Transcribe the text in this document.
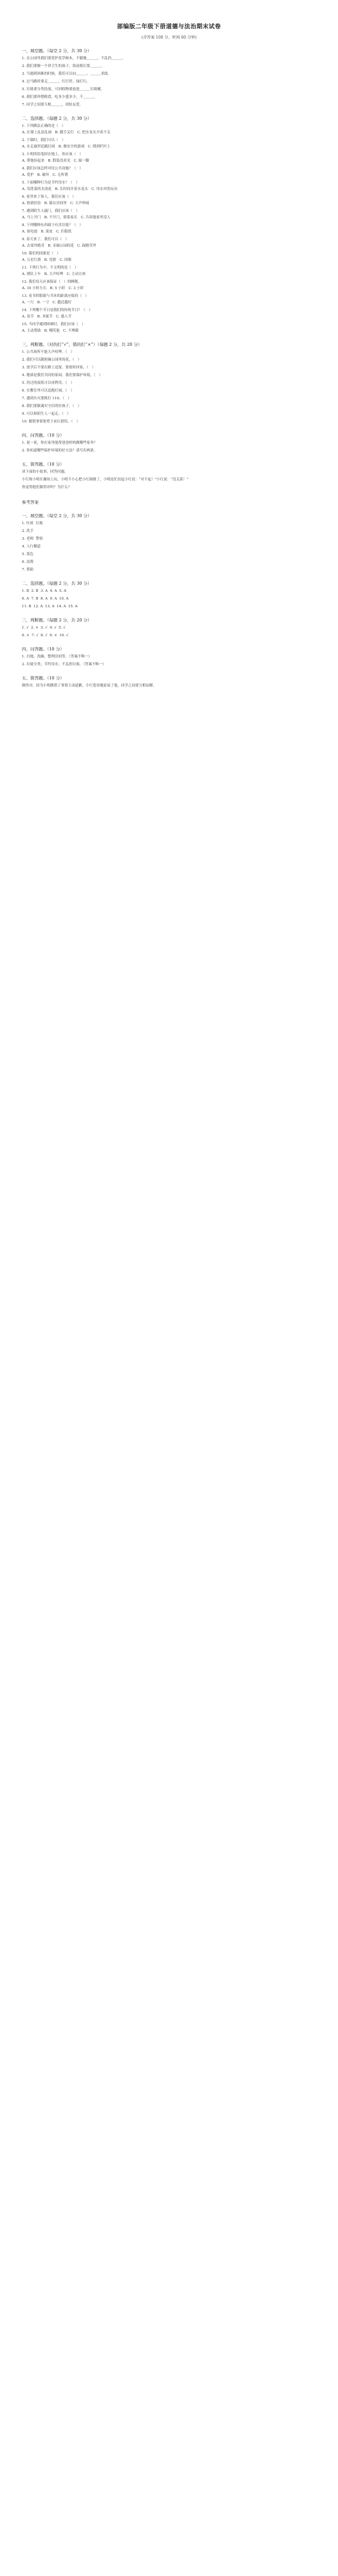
部编版二年级下册道德与法治期末试卷
(含答案 100 分，时间 60 分钟)
一、填空题。（每空 2 分，共 30 分）
1. 在公园里我们要爱护花草树木，不随地＿＿＿，不乱扔＿＿＿。
2. 我们要做一个讲卫生的孩子，饭前便后要＿＿＿。
3. 当遇到困难的时候，我们可以向＿＿＿、＿＿＿求助。
4. 过马路时要走＿＿＿，红灯停，绿灯行。
5. 垃圾要分类投放，可回收物要放进＿＿＿垃圾桶。
6. 我们要珍惜粮食，吃多少盛多少，不＿＿＿。
7. 同学之间要互相＿＿＿，团结友爱。
二、选择题。（每题 2 分，共 30 分）
1. 下列做法正确的是（   ）
A. 在墙上乱涂乱画   B. 随手关灯   C. 把水龙头开着不关
2. 下课时，我们可以（   ）
A. 在走廊里追跑打闹   B. 做安全的游戏   C. 爬到栏杆上
3. 小明的铅笔掉在地上，你应该（   ）
A. 帮他捡起来   B. 假装没看见   C. 踩一脚
4. 我们应该怎样对待公共设施？（   ）
A. 爱护   B. 破坏   C. 无所谓
5. 下面哪种行为是节约用水？（   ）
A. 用洗菜的水浇花   B. 长时间开着水龙头   C. 用水冲洗玩具
6. 家里来了客人，我们应该（   ）
A. 热情招待   B. 躲在房间里   C. 大声吵闹
7. 遇到陌生人敲门，我们应该（   ）
A. 马上开门   B. 不开门，联系家长   C. 告诉他家里没人
8. 下列哪种东西属于有害垃圾？（   ）
A. 废电池   B. 果皮   C. 旧报纸
9. 春天来了，我们可以（   ）
A. 去郊外踏青   B. 采摘公园的花   C. 踩踏草坪
10. 我们的国旗是（   ）
A. 五星红旗   B. 党旗   C. 团旗
11. 下列行为中，不文明的是（   ）
A. 排队上车   B. 大声喧哗   C. 主动让座
12. 我们每天应该保证（   ）的睡眠。
A. 10 小时左右   B. 5 小时   C. 3 小时
13. 看书时眼睛与书本的距离应保持（   ）
A. 一尺   B. 一寸   C. 越近越好
14. 下列哪个节日是我们的传统节日？（   ）
A. 春节   B. 圣诞节   C. 愚人节
15. 当同学遇到困难时，我们应该（   ）
A. 主动帮助   B. 嘲笑他   C. 不理睬
三、判断题。（对的打“√”，错的打“×”）（每题 2 分，共 20 分）
1. 公共场所不能大声喧哗。（   ）
2. 我们可以随便摘公园里的花。（   ）
3. 放学后不要在路上逗留，要按时回家。（   ）
4. 地球是我们共同的家园，我们要保护环境。（   ）
5. 用过的废纸可以再利用。（   ）
6. 在教室里可以追跑打闹。（   ）
7. 遇到火灾要拨打 119。（   ）
8. 我们要做诚实守信的好孩子。（   ）
9. 可以和陌生人一起走。（   ）
10. 做错事情要勇于承认错误。（   ）
四、问答题。（10 分）
1. 说一说，你在家里能帮爸爸妈妈做哪些家务？
2. 你知道哪些保护环境的好方法？请写出两条。
五、简答题。（10 分）
读下面的小故事，回答问题。
小红和小明在操场上玩，小明不小心把小红撞倒了，小明连忙扶起小红说：“对不起！”小红说：“没关系！”
你觉得他们做得对吗？为什么？
参考答案
一、填空题。（每空 2 分，共 30 分）
1. 吐痰  垃圾
2. 洗手
3. 老师  警察
4. 人行横道
5. 蓝色
6. 浪费
7. 帮助
二、选择题。（每题 2 分，共 30 分）
1. B  2. B  3. A  4. A  5. A
6. A  7. B  8. A  9. A  10. A
11. B  12. A  13. A  14. A  15. A
三、判断题。（每题 2 分，共 20 分）
1. √  2. ×  3. √  4. √  5. √
6. ×  7. √  8. √  9. ×  10. √
四、问答题。（10 分）
1. 扫地、洗碗、整理房间等。（答案不唯一）
2. 垃圾分类；节约用水；不乱扔垃圾。（答案不唯一）
五、简答题。（10 分）
做得对。因为小明做错了事情主动道歉，小红宽容地原谅了他，同学之间要互相谅解。
